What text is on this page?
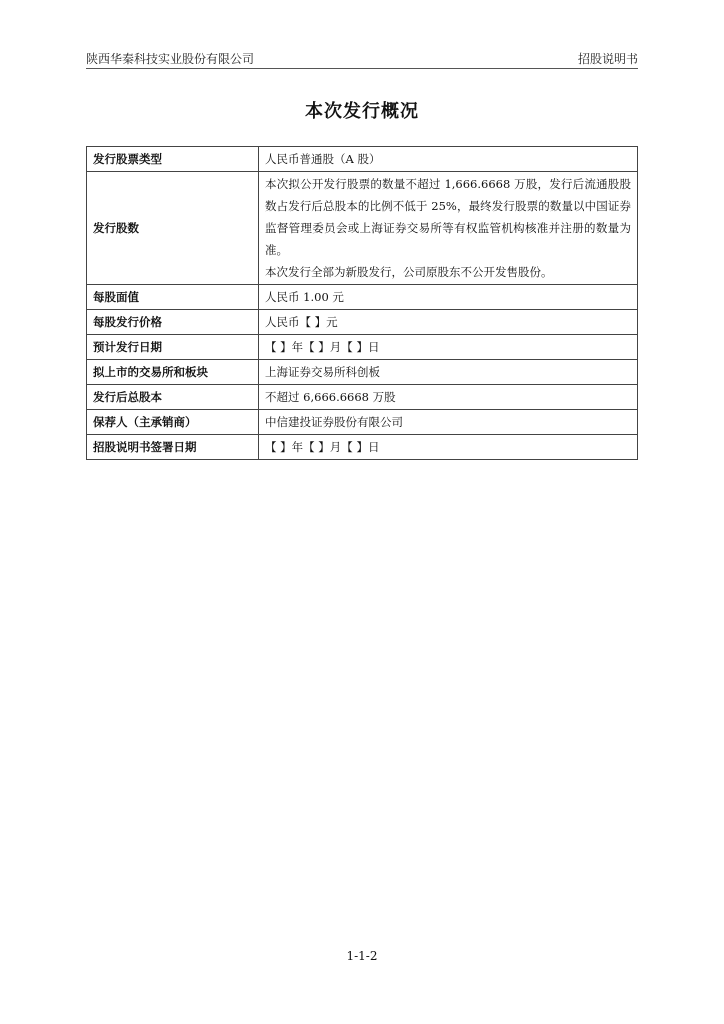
陕西华秦科技实业股份有限公司	招股说明书
本次发行概况
发行股票类型	人民币普通股（A 股）
发行股数	本次拟公开发行股票的数量不超过 1,666.6668 万股，发行后流通股股数占发行后总股本的比例不低于 25%，最终发行股票的数量以中国证券监督管理委员会或上海证券交易所等有权监管机构核准并注册的数量为准。
本次发行全部为新股发行，公司原股东不公开发售股份。

每股面值	人民币 1.00 元
每股发行价格	人民币【 】元
预计发行日期	【 】年【 】月【 】日
拟上市的交易所和板块	上海证券交易所科创板
发行后总股本	不超过 6,666.6668 万股
保荐人（主承销商）	中信建投证券股份有限公司
招股说明书签署日期	【 】年【 】月【 】日
1-1-2
